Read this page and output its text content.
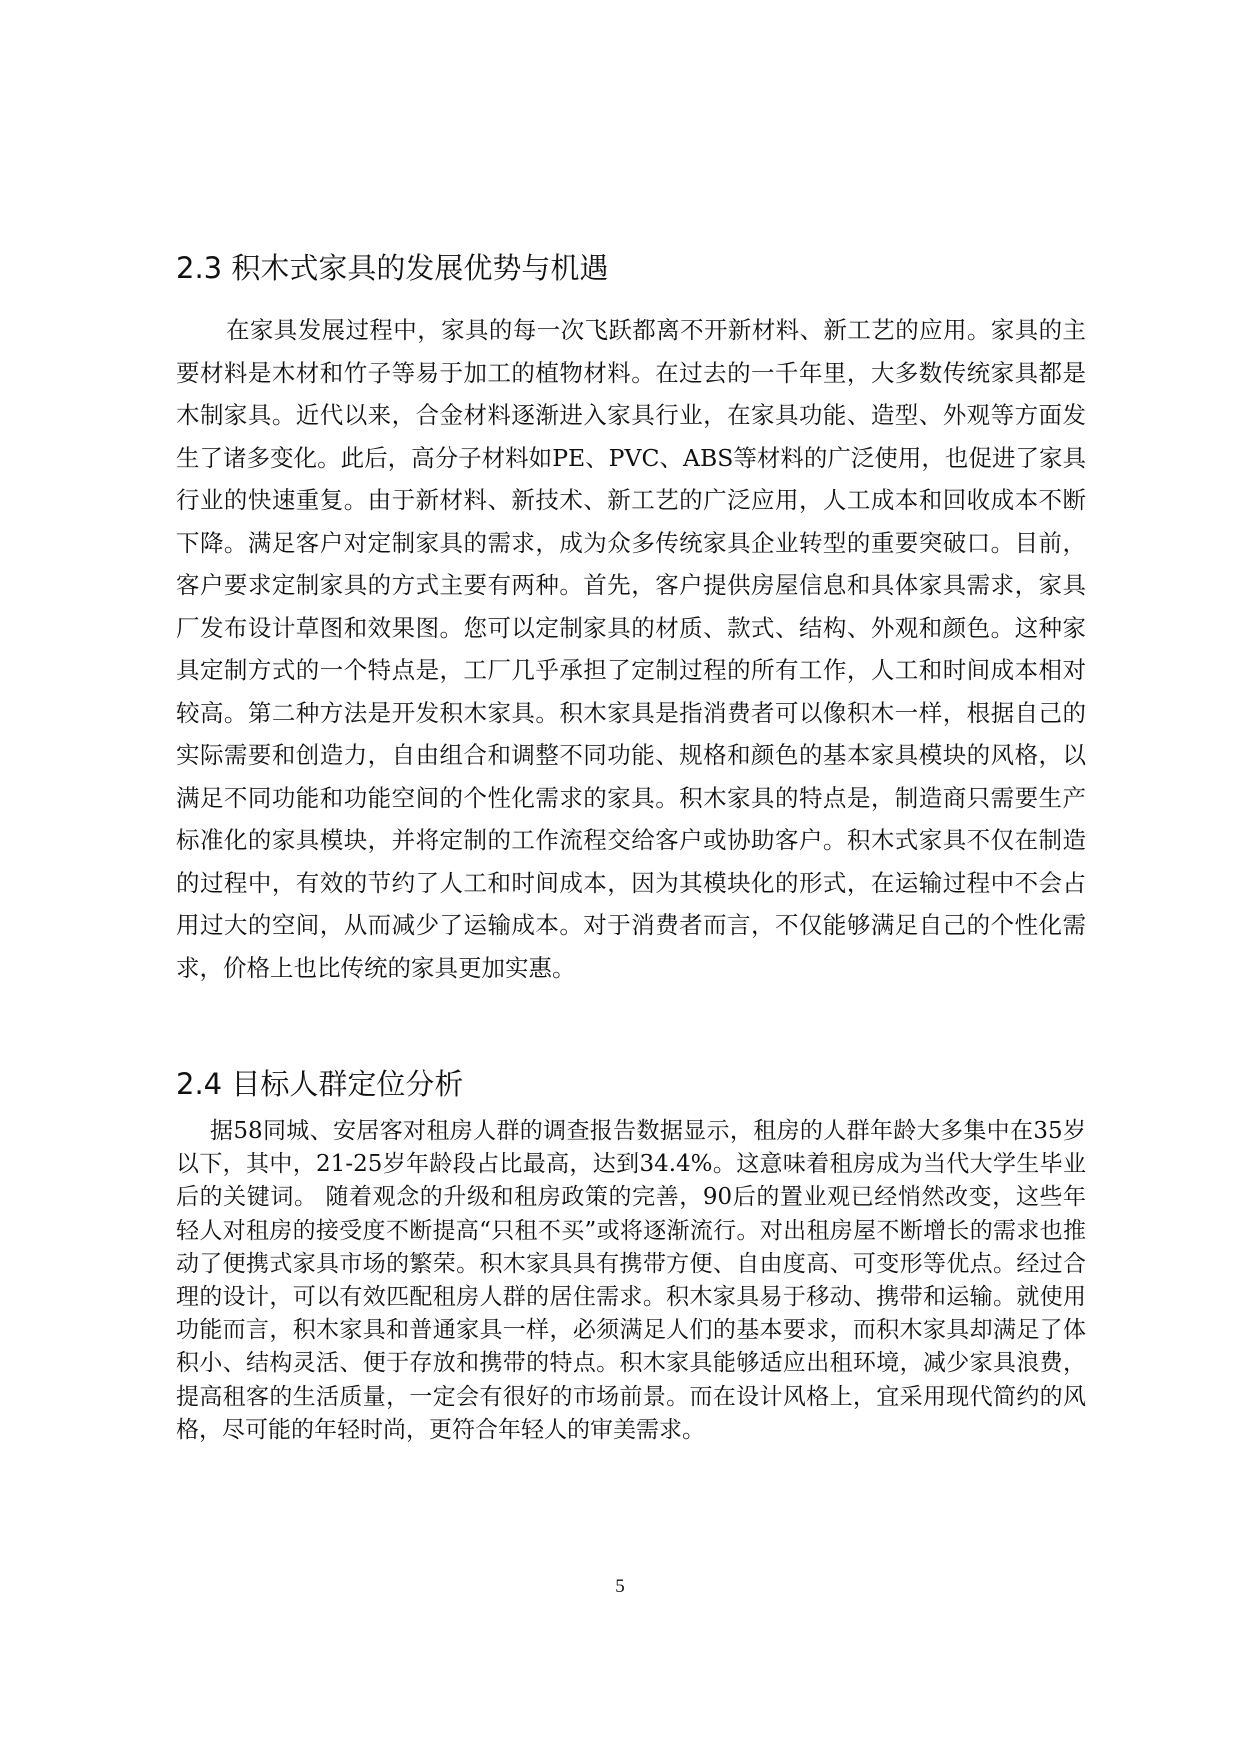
2.3 积木式家具的发展优势与机遇

在家具发展过程中，家具的每一次飞跃都离不开新材料、新工艺的应用。家具的主要材料是木材和竹子等易于加工的植物材料。在过去的一千年里，大多数传统家具都是木制家具。近代以来，合金材料逐渐进入家具行业，在家具功能、造型、外观等方面发生了诸多变化。此后，高分子材料如PE、PVC、ABS等材料的广泛使用，也促进了家具行业的快速重复。由于新材料、新技术、新工艺的广泛应用，人工成本和回收成本不断下降。满足客户对定制家具的需求，成为众多传统家具企业转型的重要突破口。目前，客户要求定制家具的方式主要有两种。首先，客户提供房屋信息和具体家具需求，家具厂发布设计草图和效果图。您可以定制家具的材质、款式、结构、外观和颜色。这种家具定制方式的一个特点是，工厂几乎承担了定制过程的所有工作，人工和时间成本相对较高。第二种方法是开发积木家具。积木家具是指消费者可以像积木一样，根据自己的实际需要和创造力，自由组合和调整不同功能、规格和颜色的基本家具模块的风格，以满足不同功能和功能空间的个性化需求的家具。积木家具的特点是，制造商只需要生产标准化的家具模块，并将定制的工作流程交给客户或协助客户。积木式家具不仅在制造的过程中，有效的节约了人工和时间成本，因为其模块化的形式，在运输过程中不会占用过大的空间，从而减少了运输成本。对于消费者而言，不仅能够满足自己的个性化需求，价格上也比传统的家具更加实惠。

2.4 目标人群定位分析

据58同城、安居客对租房人群的调查报告数据显示，租房的人群年龄大多集中在35岁以下，其中，21-25岁年龄段占比最高，达到34.4%。这意味着租房成为当代大学生毕业后的关键词。 随着观念的升级和租房政策的完善，90后的置业观已经悄然改变，这些年轻人对租房的接受度不断提高“只租不买”或将逐渐流行。对出租房屋不断增长的需求也推动了便携式家具市场的繁荣。积木家具具有携带方便、自由度高、可变形等优点。经过合理的设计，可以有效匹配租房人群的居住需求。积木家具易于移动、携带和运输。就使用功能而言，积木家具和普通家具一样，必须满足人们的基本要求，而积木家具却满足了体积小、结构灵活、便于存放和携带的特点。积木家具能够适应出租环境，减少家具浪费，提高租客的生活质量，一定会有很好的市场前景。而在设计风格上，宜采用现代简约的风格，尽可能的年轻时尚，更符合年轻人的审美需求。

5
